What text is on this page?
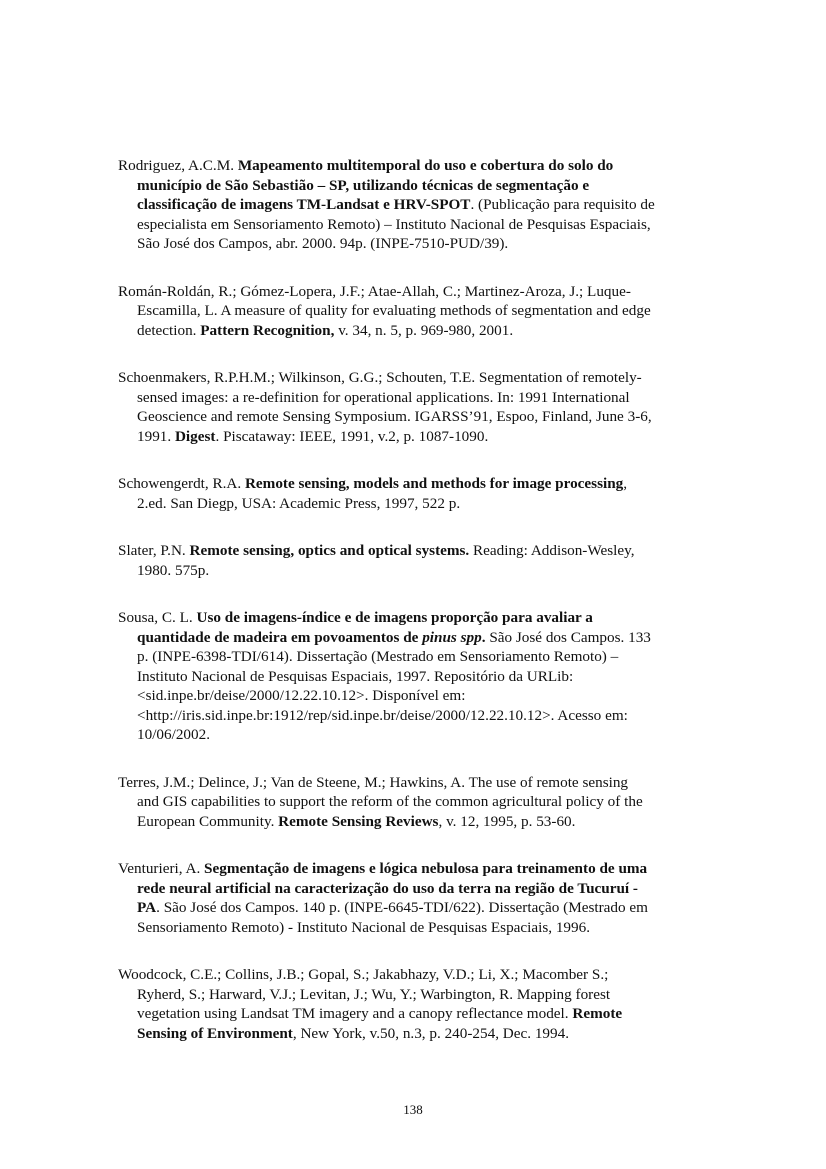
Rodriguez, A.C.M. Mapeamento multitemporal do uso e cobertura do solo do
município de São Sebastião – SP, utilizando técnicas de segmentação e
classificação de imagens TM-Landsat e HRV-SPOT. (Publicação para requisito de
especialista em Sensoriamento Remoto) – Instituto Nacional de Pesquisas Espaciais,
São José dos Campos, abr. 2000. 94p. (INPE-7510-PUD/39).
Román-Roldán, R.; Gómez-Lopera, J.F.; Atae-Allah, C.; Martinez-Aroza, J.; Luque-
Escamilla, L. A measure of quality for evaluating methods of segmentation and edge
detection. Pattern Recognition, v. 34, n. 5, p. 969-980, 2001.
Schoenmakers, R.P.H.M.; Wilkinson, G.G.; Schouten, T.E. Segmentation of remotely-
sensed images: a re-definition for operational applications. In: 1991 International
Geoscience and remote Sensing Symposium. IGARSS’91, Espoo, Finland, June 3-6,
1991. Digest. Piscataway: IEEE, 1991, v.2, p. 1087-1090.
Schowengerdt, R.A. Remote sensing, models and methods for image processing,
2.ed. San Diegp, USA: Academic Press, 1997, 522 p.
Slater, P.N. Remote sensing, optics and optical systems. Reading: Addison-Wesley,
1980. 575p.
Sousa, C. L. Uso de imagens-índice e de imagens proporção para avaliar a
quantidade de madeira em povoamentos de pinus spp. São José dos Campos. 133
p. (INPE-6398-TDI/614). Dissertação (Mestrado em Sensoriamento Remoto) –
Instituto Nacional de Pesquisas Espaciais, 1997. Repositório da URLib:
<sid.inpe.br/deise/2000/12.22.10.12>. Disponível em:
<http://iris.sid.inpe.br:1912/rep/sid.inpe.br/deise/2000/12.22.10.12>. Acesso em:
10/06/2002.
Terres, J.M.; Delince, J.; Van de Steene, M.; Hawkins, A. The use of remote sensing
and GIS capabilities to support the reform of the common agricultural policy of the
European Community. Remote Sensing Reviews, v. 12, 1995, p. 53-60.
Venturieri, A. Segmentação de imagens e lógica nebulosa para treinamento de uma
rede neural artificial na caracterização do uso da terra na região de Tucuruí -
PA. São José dos Campos. 140 p. (INPE-6645-TDI/622). Dissertação (Mestrado em
Sensoriamento Remoto) - Instituto Nacional de Pesquisas Espaciais, 1996.
Woodcock, C.E.; Collins, J.B.; Gopal, S.; Jakabhazy, V.D.; Li, X.; Macomber S.;
Ryherd, S.; Harward, V.J.; Levitan, J.; Wu, Y.; Warbington, R. Mapping forest
vegetation using Landsat TM imagery and a canopy reflectance model. Remote
Sensing of Environment, New York, v.50, n.3, p. 240-254, Dec. 1994.
138
